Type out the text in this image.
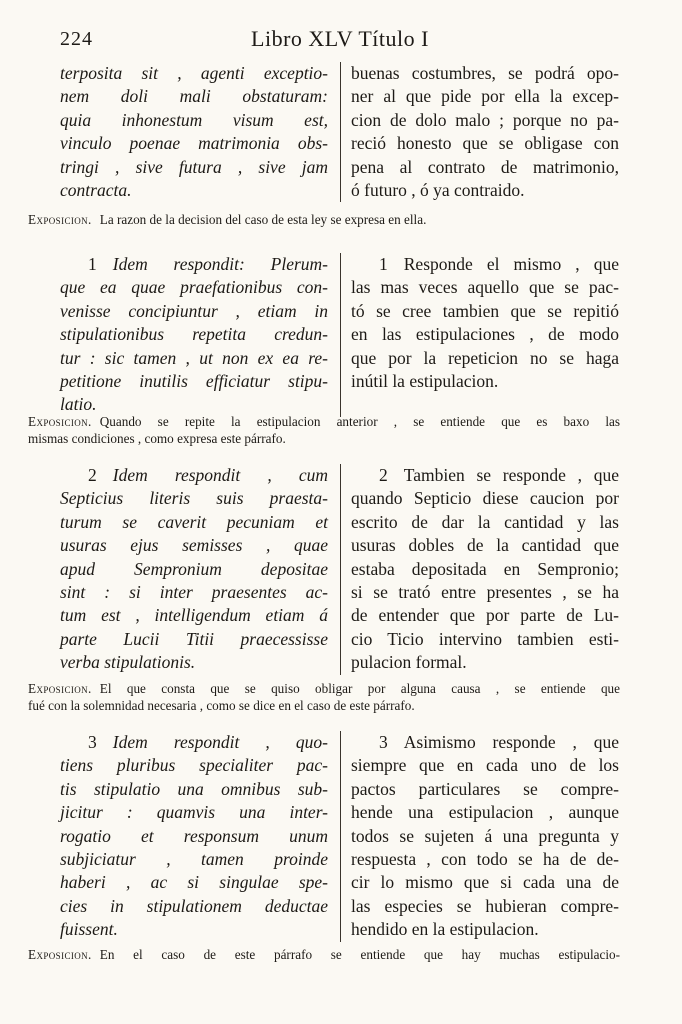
224	Libro XLV Título I
terposita sit , agenti exceptio-
nem doli mali obstaturam:
quia inhonestum visum est,
vinculo poenae matrimonia obs-
tringi , sive futura , sive jam
contracta.
buenas costumbres, se podrá opo-
ner al que pide por ella la excep-
cion de dolo malo ; porque no pa-
reció honesto que se obligase con
pena al contrato de matrimonio,
ó futuro , ó ya contraido.
Exposicion. La razon de la decision del caso de esta ley se expresa en ella.
1 Idem respondit: Plerum-
que ea quae praefationibus con-
venisse concipiuntur , etiam in
stipulationibus repetita credun-
tur : sic tamen , ut non ex ea re-
petitione inutilis efficiatur stipu-
latio.
1 Responde el mismo , que
las mas veces aquello que se pac-
tó se cree tambien que se repitió
en las estipulaciones , de modo
que por la repeticion no se haga
inútil la estipulacion.
Exposicion. Quando se repite la estipulacion anterior , se entiende que es baxo las
mismas condiciones , como expresa este párrafo.
2 Idem respondit , cum
Septicius literis suis praesta-
turum se caverit pecuniam et
usuras ejus semisses , quae
apud Sempronium depositae
sint : si inter praesentes ac-
tum est , intelligendum etiam á
parte Lucii Titii praecessisse
verba stipulationis.
2 Tambien se responde , que
quando Septicio diese caucion por
escrito de dar la cantidad y las
usuras dobles de la cantidad que
estaba depositada en Sempronio;
si se trató entre presentes , se ha
de entender que por parte de Lu-
cio Ticio intervino tambien esti-
pulacion formal.
Exposicion. El que consta que se quiso obligar por alguna causa , se entiende que
fué con la solemnidad necesaria , como se dice en el caso de este párrafo.
3 Idem respondit , quo-
tiens pluribus specialiter pac-
tis stipulatio una omnibus sub-
jicitur : quamvis una inter-
rogatio et responsum unum
subjiciatur , tamen proinde
haberi , ac si singulae spe-
cies in stipulationem deductae
fuissent.
3 Asimismo responde , que
siempre que en cada uno de los
pactos particulares se compre-
hende una estipulacion , aunque
todos se sujeten á una pregunta y
respuesta , con todo se ha de de-
cir lo mismo que si cada una de
las especies se hubieran compre-
hendido en la estipulacion.
Exposicion. En el caso de este párrafo se entiende que hay muchas estipulacio-
